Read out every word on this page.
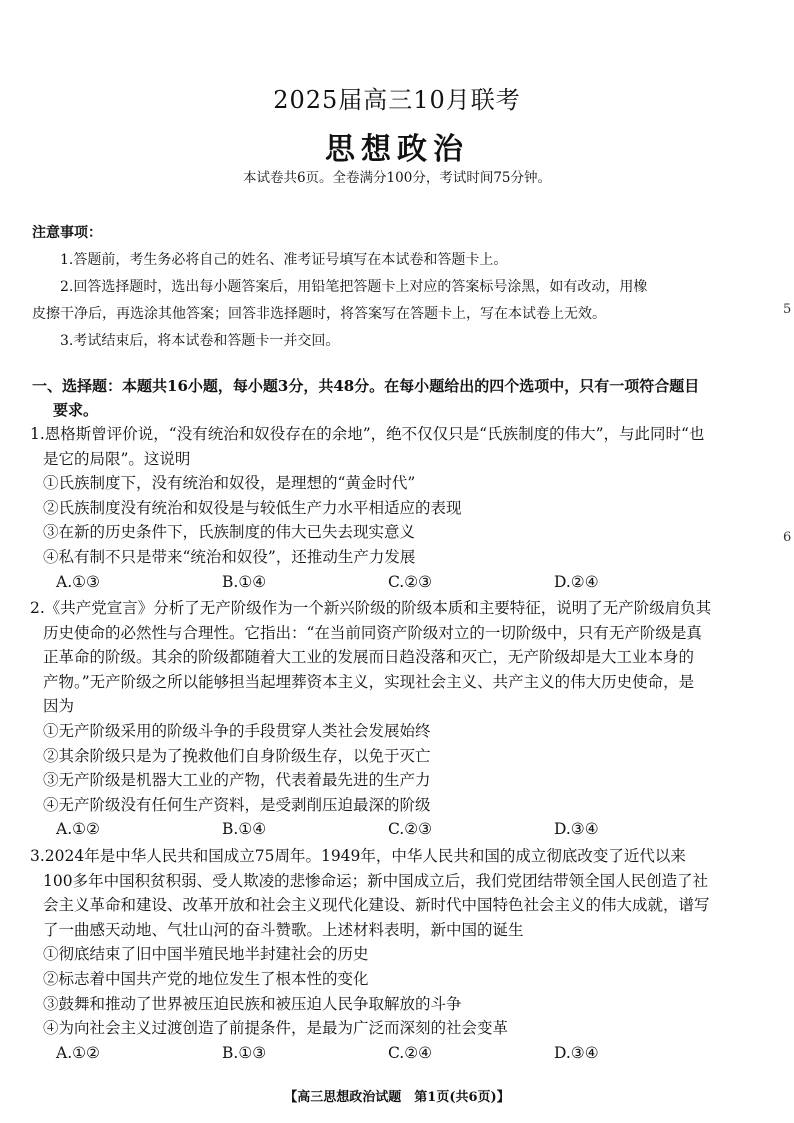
2025届高三10月联考
思想政治
本试卷共6页。全卷满分100分，考试时间75分钟。
注意事项：
1.答题前，考生务必将自己的姓名、准考证号填写在本试卷和答题卡上。
2.回答选择题时，选出每小题答案后，用铅笔把答题卡上对应的答案标号涂黑，如有改动，用橡
皮擦干净后，再选涂其他答案；回答非选择题时，将答案写在答题卡上，写在本试卷上无效。
3.考试结束后，将本试卷和答题卡一并交回。
一、选择题：本题共16小题，每小题3分，共48分。在每小题给出的四个选项中，只有一项符合题目
要求。
1.恩格斯曾评价说，“没有统治和奴役存在的余地”，绝不仅仅只是“氏族制度的伟大”，与此同时“也
是它的局限”。这说明
①氏族制度下，没有统治和奴役，是理想的“黄金时代”
②氏族制度没有统治和奴役是与较低生产力水平相适应的表现
③在新的历史条件下，氏族制度的伟大已失去现实意义
④私有制不只是带来“统治和奴役”，还推动生产力发展
A.①③	B.①④	C.②③	D.②④
2.《共产党宣言》分析了无产阶级作为一个新兴阶级的阶级本质和主要特征，说明了无产阶级肩负其
历史使命的必然性与合理性。它指出：“在当前同资产阶级对立的一切阶级中，只有无产阶级是真
正革命的阶级。其余的阶级都随着大工业的发展而日趋没落和灭亡，无产阶级却是大工业本身的
产物。”无产阶级之所以能够担当起埋葬资本主义，实现社会主义、共产主义的伟大历史使命，是
因为
①无产阶级采用的阶级斗争的手段贯穿人类社会发展始终
②其余阶级只是为了挽救他们自身阶级生存，以免于灭亡
③无产阶级是机器大工业的产物，代表着最先进的生产力
④无产阶级没有任何生产资料，是受剥削压迫最深的阶级
A.①②	B.①④	C.②③	D.③④
3.2024年是中华人民共和国成立75周年。1949年，中华人民共和国的成立彻底改变了近代以来
100多年中国积贫积弱、受人欺凌的悲惨命运；新中国成立后，我们党团结带领全国人民创造了社
会主义革命和建设、改革开放和社会主义现代化建设、新时代中国特色社会主义的伟大成就，谱写
了一曲感天动地、气壮山河的奋斗赞歌。上述材料表明，新中国的诞生
①彻底结束了旧中国半殖民地半封建社会的历史
②标志着中国共产党的地位发生了根本性的变化
③鼓舞和推动了世界被压迫民族和被压迫人民争取解放的斗争
④为向社会主义过渡创造了前提条件，是最为广泛而深刻的社会变革
A.①②	B.①③	C.②④	D.③④
5
6
【高三思想政治试题　第1页(共6页)】
